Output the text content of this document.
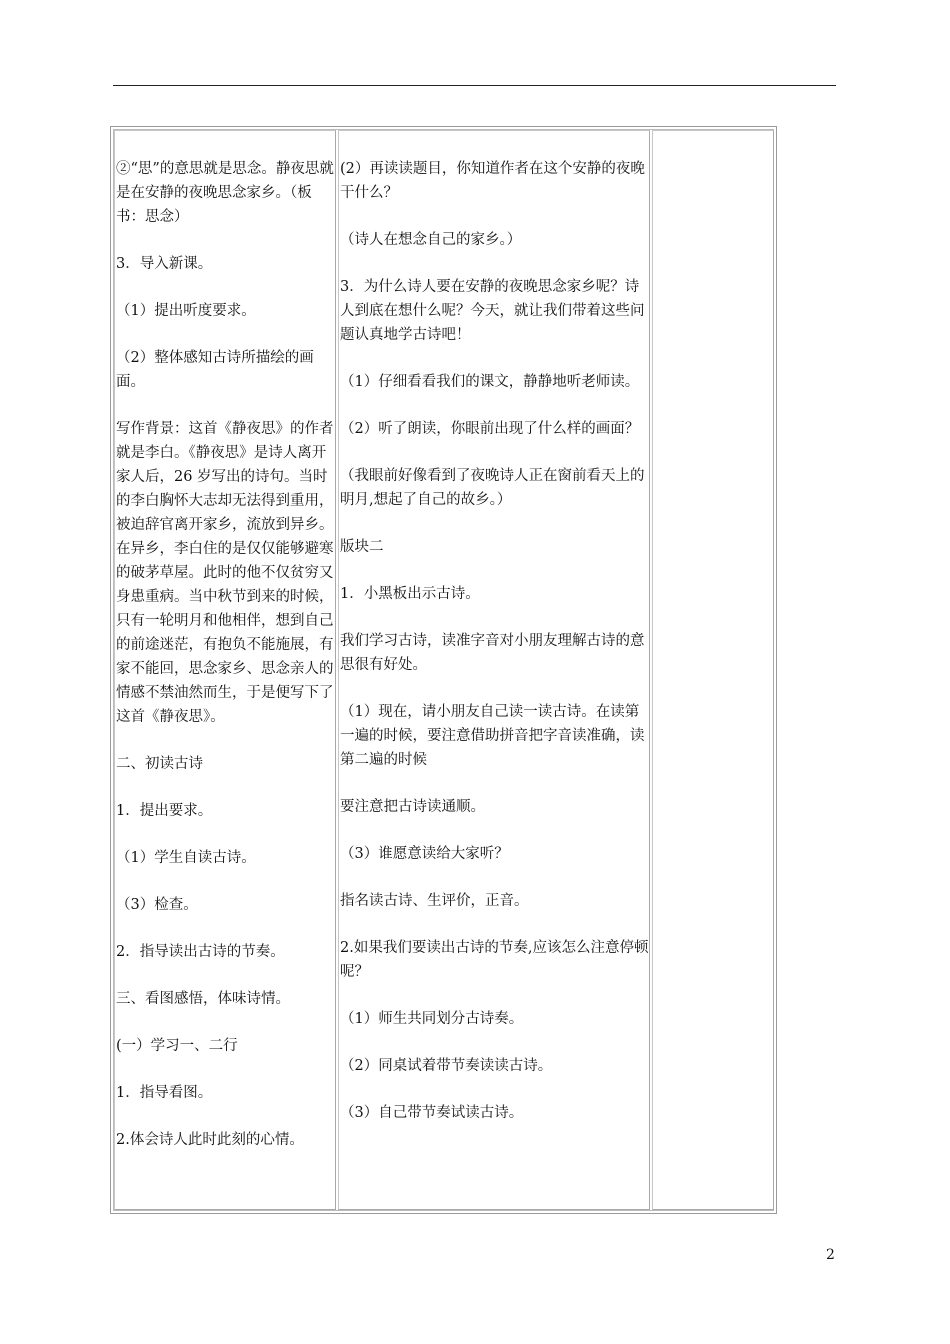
②“思”的意思就是思念。静夜思就是在安静的夜晚思念家乡。（板书：思念）

3．导入新课。

（1）提出听度要求。

（2）整体感知古诗所描绘的画面。

写作背景：这首《静夜思》的作者就是李白。《静夜思》是诗人离开家人后，26 岁写出的诗句。当时的李白胸怀大志却无法得到重用，被迫辞官离开家乡，流放到异乡。在异乡，李白住的是仅仅能够避寒的破茅草屋。此时的他不仅贫穷又身患重病。当中秋节到来的时候，只有一轮明月和他相伴，想到自己的前途迷茫，有抱负不能施展，有家不能回，思念家乡、思念亲人的情感不禁油然而生，于是便写下了这首《静夜思》。

二、初读古诗

1．提出要求。

（1）学生自读古诗。

（3）检查。

2．指导读出古诗的节奏。

三、看图感悟，体味诗情。

(一）学习一、二行

1．指导看图。

2.体会诗人此时此刻的心情。

(2）再读读题目，你知道作者在这个安静的夜晚干什么？

（诗人在想念自己的家乡。）

3．为什么诗人要在安静的夜晚思念家乡呢？诗人到底在想什么呢？今天，就让我们带着这些问题认真地学古诗吧！

（1）仔细看看我们的课文，静静地听老师读。

（2）听了朗读，你眼前出现了什么样的画面？

（我眼前好像看到了夜晚诗人正在窗前看天上的明月,想起了自己的故乡。）

版块二

1．小黑板出示古诗。

我们学习古诗，读准字音对小朋友理解古诗的意思很有好处。

（1）现在，请小朋友自己读一读古诗。在读第一遍的时候，要注意借助拼音把字音读准确，读第二遍的时候

要注意把古诗读通顺。

（3）谁愿意读给大家听？

指名读古诗、生评价，正音。

2.如果我们要读出古诗的节奏,应该怎么注意停顿呢？

（1）师生共同划分古诗奏。

（2）同桌试着带节奏读读古诗。

（3）自己带节奏试读古诗。

2
